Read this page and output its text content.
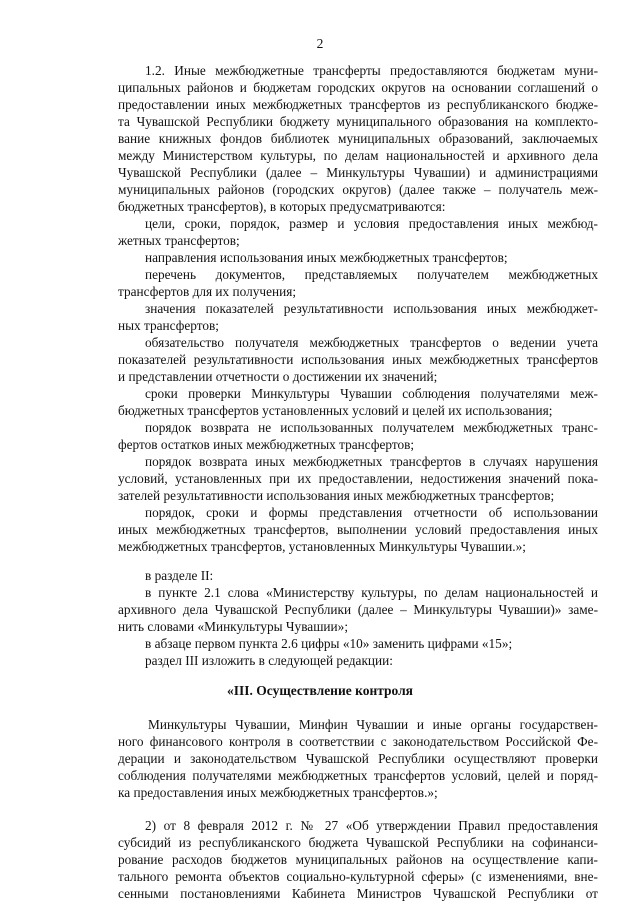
2
1.2. Иные межбюджетные трансферты предоставляются бюджетам муни-
ципальных районов и бюджетам городских округов на основании соглашений о
предоставлении иных межбюджетных трансфертов из республиканского бюдже-
та Чувашской Республики бюджету муниципального образования на комплекто-
вание книжных фондов библиотек муниципальных образований, заключаемых
между Министерством культуры, по делам национальностей и архивного дела
Чувашской Республики (далее – Минкультуры Чувашии) и администрациями
муниципальных районов (городских округов) (далее также – получатель меж-
бюджетных трансфертов), в которых предусматриваются:
цели, сроки, порядок, размер и условия предоставления иных межбюд-
жетных трансфертов;
направления использования иных межбюджетных трансфертов;
перечень документов, представляемых получателем межбюджетных
трансфертов для их получения;
значения показателей результативности использования иных межбюджет-
ных трансфертов;
обязательство получателя межбюджетных трансфертов о ведении учета
показателей результативности использования иных межбюджетных трансфертов
и представлении отчетности о достижении их значений;
сроки проверки Минкультуры Чувашии соблюдения получателями меж-
бюджетных трансфертов установленных условий и целей их использования;
порядок возврата не использованных получателем межбюджетных транс-
фертов остатков иных межбюджетных трансфертов;
порядок возврата иных межбюджетных трансфертов в случаях нарушения
условий, установленных при их предоставлении, недостижения значений пока-
зателей результативности использования иных межбюджетных трансфертов;
порядок, сроки и формы представления отчетности об использовании
иных межбюджетных трансфертов, выполнении условий предоставления иных
межбюджетных трансфертов, установленных Минкультуры Чувашии.»;
в разделе II:
в пункте 2.1 слова «Министерству культуры, по делам национальностей и
архивного дела Чувашской Республики (далее – Минкультуры Чувашии)» заме-
нить словами «Минкультуры Чувашии»;
в абзаце первом пункта 2.6 цифры «10» заменить цифрами «15»;
раздел III изложить в следующей редакции:
«III. Осуществление контроля
Минкультуры Чувашии, Минфин Чувашии и иные органы государствен-
ного финансового контроля в соответствии с законодательством Российской Фе-
дерации и законодательством Чувашской Республики осуществляют проверки
соблюдения получателями межбюджетных трансфертов условий, целей и поряд-
ка предоставления иных межбюджетных трансфертов.»;
2) от 8 февраля 2012 г. № 27 «Об утверждении Правил предоставления
субсидий из республиканского бюджета Чувашской Республики на софинанси-
рование расходов бюджетов муниципальных районов на осуществление капи-
тального ремонта объектов социально-культурной сферы» (с изменениями, вне-
сенными постановлениями Кабинета Министров Чувашской Республики от
